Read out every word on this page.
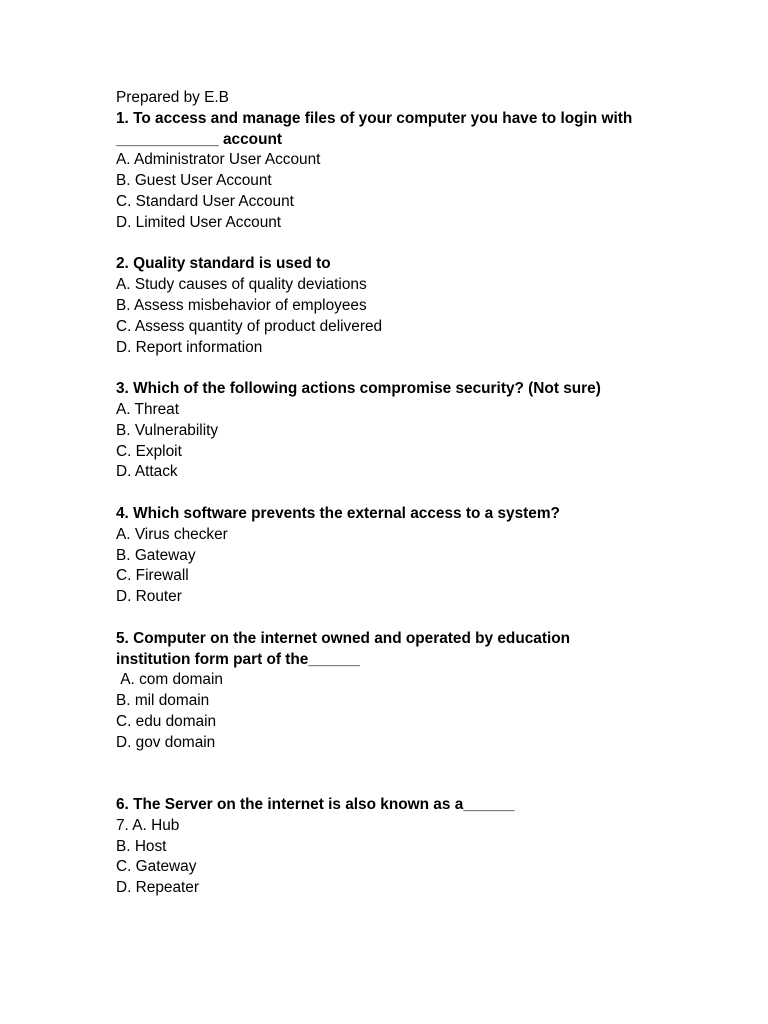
Prepared by E.B
1. To access and manage files of your computer you have to login with
____________ account
A. Administrator User Account
B. Guest User Account
C. Standard User Account
D. Limited User Account
2. Quality standard is used to
A. Study causes of quality deviations
B. Assess misbehavior of employees
C. Assess quantity of product delivered
D. Report information
3. Which of the following actions compromise security? (Not sure)
A. Threat
B. Vulnerability
C. Exploit
D. Attack
4. Which software prevents the external access to a system?
A. Virus checker
B. Gateway
C. Firewall
D. Router
5. Computer on the internet owned and operated by education
institution form part of the______
A. com domain
B. mil domain
C. edu domain
D. gov domain
6. The Server on the internet is also known as a______
7. A. Hub
B. Host
C. Gateway
D. Repeater
